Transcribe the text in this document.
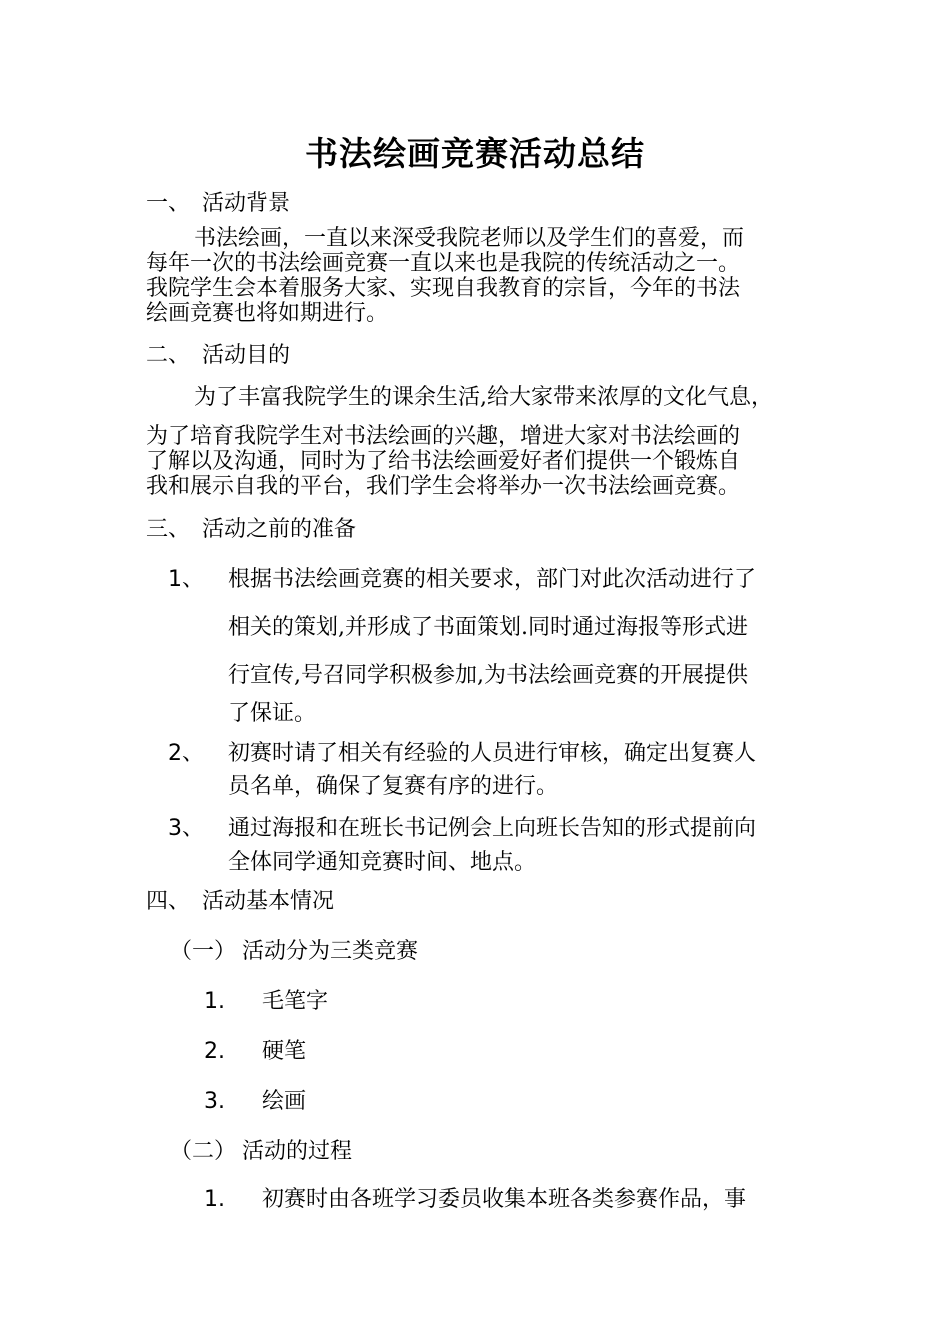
书法绘画竞赛活动总结
一、 活动背景
书法绘画，一直以来深受我院老师以及学生们的喜爱，而
每年一次的书法绘画竞赛一直以来也是我院的传统活动之一。
我院学生会本着服务大家、实现自我教育的宗旨，今年的书法
绘画竞赛也将如期进行。
二、 活动目的
为了丰富我院学生的课余生活,给大家带来浓厚的文化气息，
为了培育我院学生对书法绘画的兴趣，增进大家对书法绘画的
了解以及沟通，同时为了给书法绘画爱好者们提供一个锻炼自
我和展示自我的平台，我们学生会将举办一次书法绘画竞赛。
三、 活动之前的准备
1、 根据书法绘画竞赛的相关要求，部门对此次活动进行了
相关的策划,并形成了书面策划.同时通过海报等形式进
行宣传,号召同学积极参加,为书法绘画竞赛的开展提供
了保证。
2、 初赛时请了相关有经验的人员进行审核，确定出复赛人
员名单，确保了复赛有序的进行。
3、 通过海报和在班长书记例会上向班长告知的形式提前向
全体同学通知竞赛时间、地点。
四、 活动基本情况
（一） 活动分为三类竞赛
1. 毛笔字
2. 硬笔
3. 绘画
（二） 活动的过程
1. 初赛时由各班学习委员收集本班各类参赛作品，事
